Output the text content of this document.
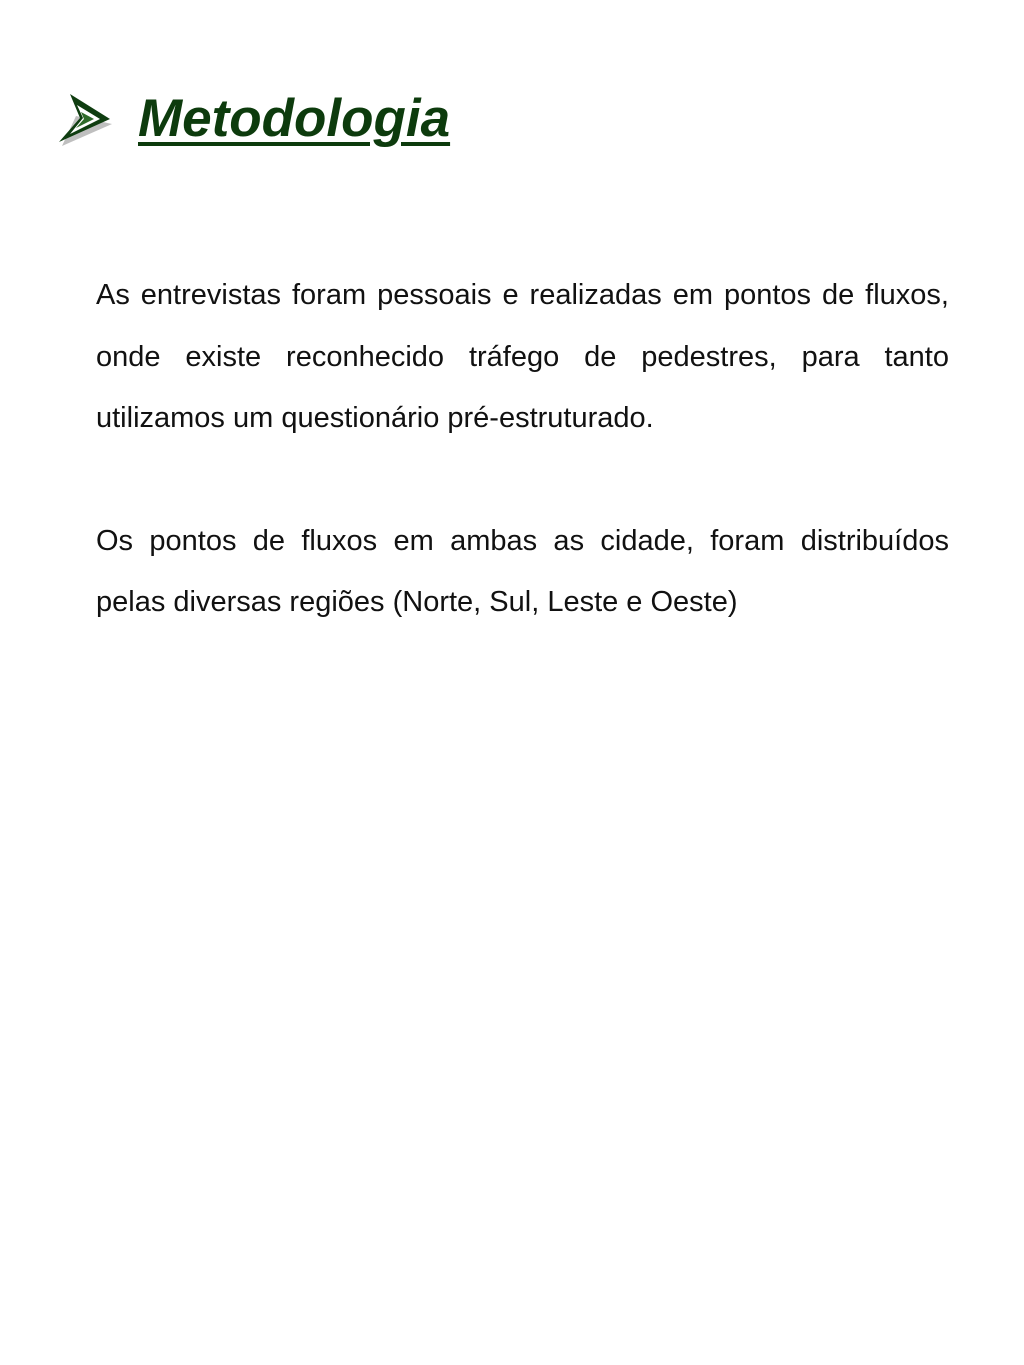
Metodologia

As entrevistas foram pessoais e realizadas em pontos de fluxos, onde existe reconhecido tráfego de pedestres, para tanto utilizamos um questionário pré-estruturado.

Os pontos de fluxos em ambas as cidade, foram distribuídos pelas diversas regiões (Norte, Sul, Leste e Oeste)
